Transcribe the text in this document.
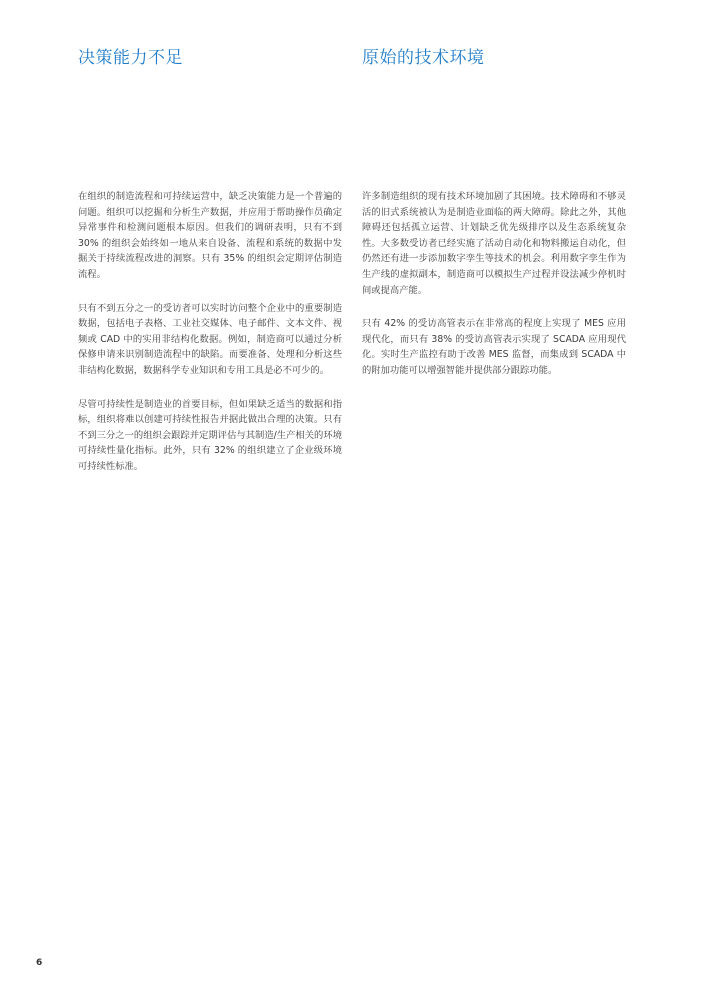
决策能力不足	原始的技术环境

在组织的制造流程和可持续运营中，缺乏决策能力是一个普遍的问题。组织可以挖掘和分析生产数据，并应用于帮助操作员确定异常事件和检测问题根本原因。但我们的调研表明，只有不到 30% 的组织会始终如一地从来自设备、流程和系统的数据中发掘关于持续流程改进的洞察。只有 35% 的组织会定期评估制造流程。

只有不到五分之一的受访者可以实时访问整个企业中的重要制造数据，包括电子表格、工业社交媒体、电子邮件、文本文件、视频或 CAD 中的实用非结构化数据。例如，制造商可以通过分析保修申请来识别制造流程中的缺陷。而要准备、处理和分析这些非结构化数据，数据科学专业知识和专用工具是必不可少的。

尽管可持续性是制造业的首要目标，但如果缺乏适当的数据和指标，组织将难以创建可持续性报告并据此做出合理的决策。只有不到三分之一的组织会跟踪并定期评估与其制造/生产相关的环境可持续性量化指标。此外，只有 32% 的组织建立了企业级环境可持续性标准。

许多制造组织的现有技术环境加剧了其困境。技术障碍和不够灵活的旧式系统被认为是制造业面临的两大障碍。除此之外，其他障碍还包括孤立运营、计划缺乏优先级排序以及生态系统复杂性。大多数受访者已经实施了活动自动化和物料搬运自动化，但仍然还有进一步添加数字孪生等技术的机会。利用数字孪生作为生产线的虚拟副本，制造商可以模拟生产过程并设法减少停机时间或提高产能。

只有 42% 的受访高管表示在非常高的程度上实现了 MES 应用现代化，而只有 38% 的受访高管表示实现了 SCADA 应用现代化。实时生产监控有助于改善 MES 监督，而集成到 SCADA 中的附加功能可以增强智能并提供部分跟踪功能。

6
